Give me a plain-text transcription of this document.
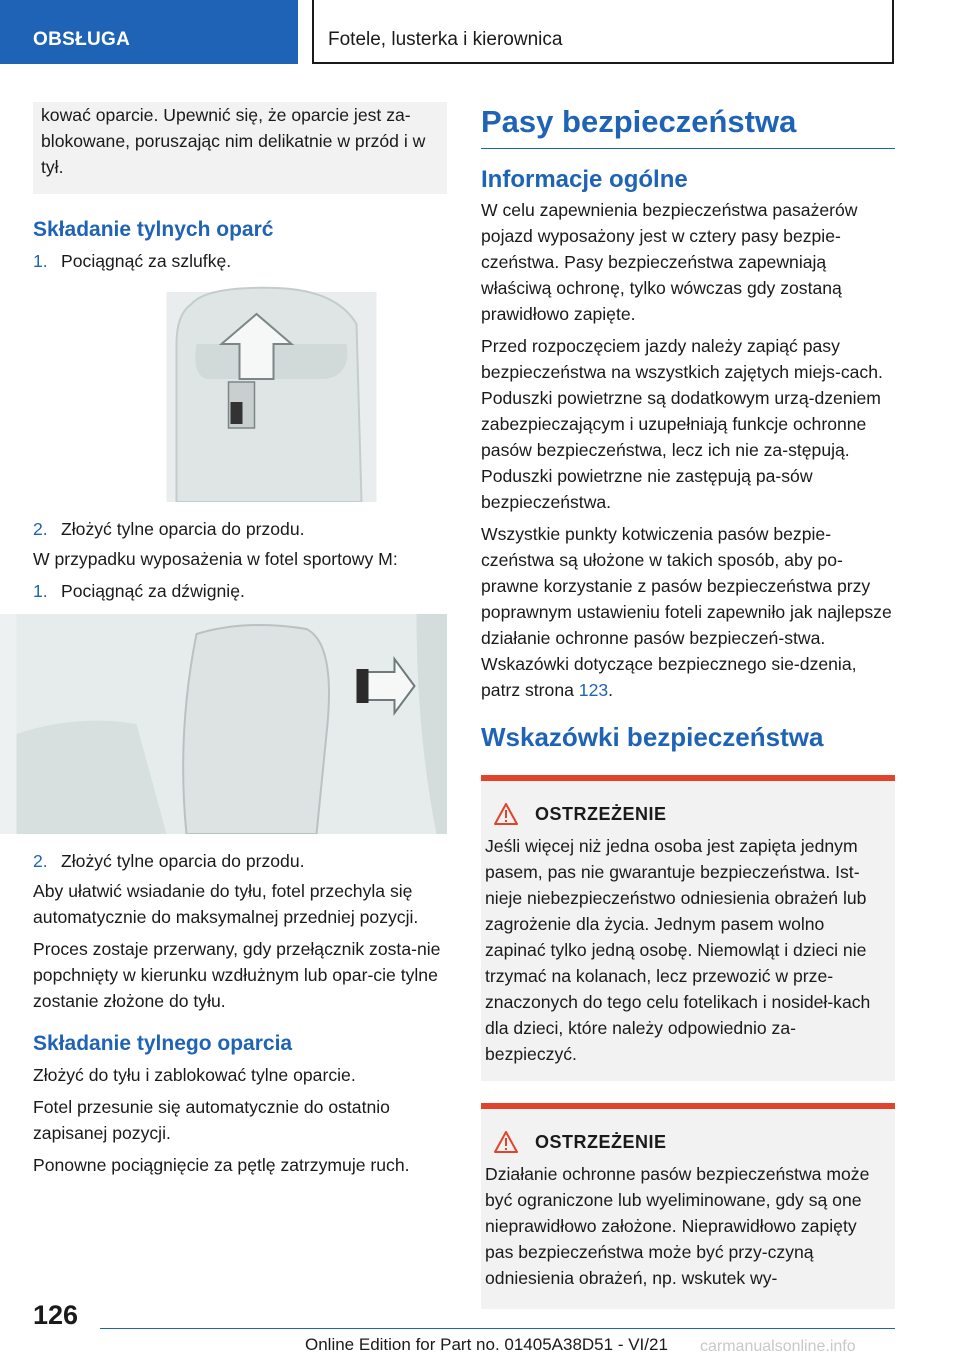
OBSŁUGA	Fotele, lusterka i kierownica
kować oparcie. Upewnić się, że oparcie jest za-blokowane, poruszając nim delikatnie w przód i w tył.
Składanie tylnych oparć
1. Pociągnąć za szlufkę.
2. Złożyć tylne oparcia do przodu.

W przypadku wyposażenia w fotel sportowy M:

1. Pociągnąć za dźwignię.
2. Złożyć tylne oparcia do przodu.

Aby ułatwić wsiadanie do tyłu, fotel przechyla się automatycznie do maksymalnej przedniej pozycji.

Proces zostaje przerwany, gdy przełącznik zosta-nie popchnięty w kierunku wzdłużnym lub opar-cie tylne zostanie złożone do tyłu.

Składanie tylnego oparcia

Złożyć do tyłu i zablokować tylne oparcie.

Fotel przesunie się automatycznie do ostatnio zapisanej pozycji.

Ponowne pociągnięcie za pętlę zatrzymuje ruch.

Pasy bezpieczeństwa
Informacje ogólne

W celu zapewnienia bezpieczeństwa pasażerów pojazd wyposażony jest w cztery pasy bezpie-czeństwa. Pasy bezpieczeństwa zapewniają właściwą ochronę, tylko wówczas gdy zostaną prawidłowo zapięte.

Przed rozpoczęciem jazdy należy zapiąć pasy bezpieczeństwa na wszystkich zajętych miejs-cach. Poduszki powietrzne są dodatkowym urzą-dzeniem zabezpieczającym i uzupełniają funkcje ochronne pasów bezpieczeństwa, lecz ich nie za-stępują. Poduszki powietrzne nie zastępują pa-sów bezpieczeństwa.

Wszystkie punkty kotwiczenia pasów bezpie-czeństwa są ułożone w takich sposób, aby po-prawne korzystanie z pasów bezpieczeństwa przy poprawnym ustawieniu foteli zapewniło jak najlepsze działanie ochronne pasów bezpieczeń-stwa. Wskazówki dotyczące bezpiecznego sie-dzenia, patrz strona 123.

Wskazówki bezpieczeństwa
OSTRZEŻENIE
Jeśli więcej niż jedna osoba jest zapięta jednym pasem, pas nie gwarantuje bezpieczeństwa. Ist-nieje niebezpieczeństwo odniesienia obrażeń lub zagrożenie dla życia. Jednym pasem wolno zapinać tylko jedną osobę. Niemowląt i dzieci nie trzymać na kolanach, lecz przewozić w prze-znaczonych do tego celu fotelikach i nosideł-kach dla dzieci, które należy odpowiednio za-bezpieczyć.
OSTRZEŻENIE
Działanie ochronne pasów bezpieczeństwa może być ograniczone lub wyeliminowane, gdy są one nieprawidłowo założone. Nieprawidłowo zapięty pas bezpieczeństwa może być przy-czyną odniesienia obrażeń, np. wskutek wy-
126
Online Edition for Part no. 01405A38D51 - VI/21 carmanualsonline.info
